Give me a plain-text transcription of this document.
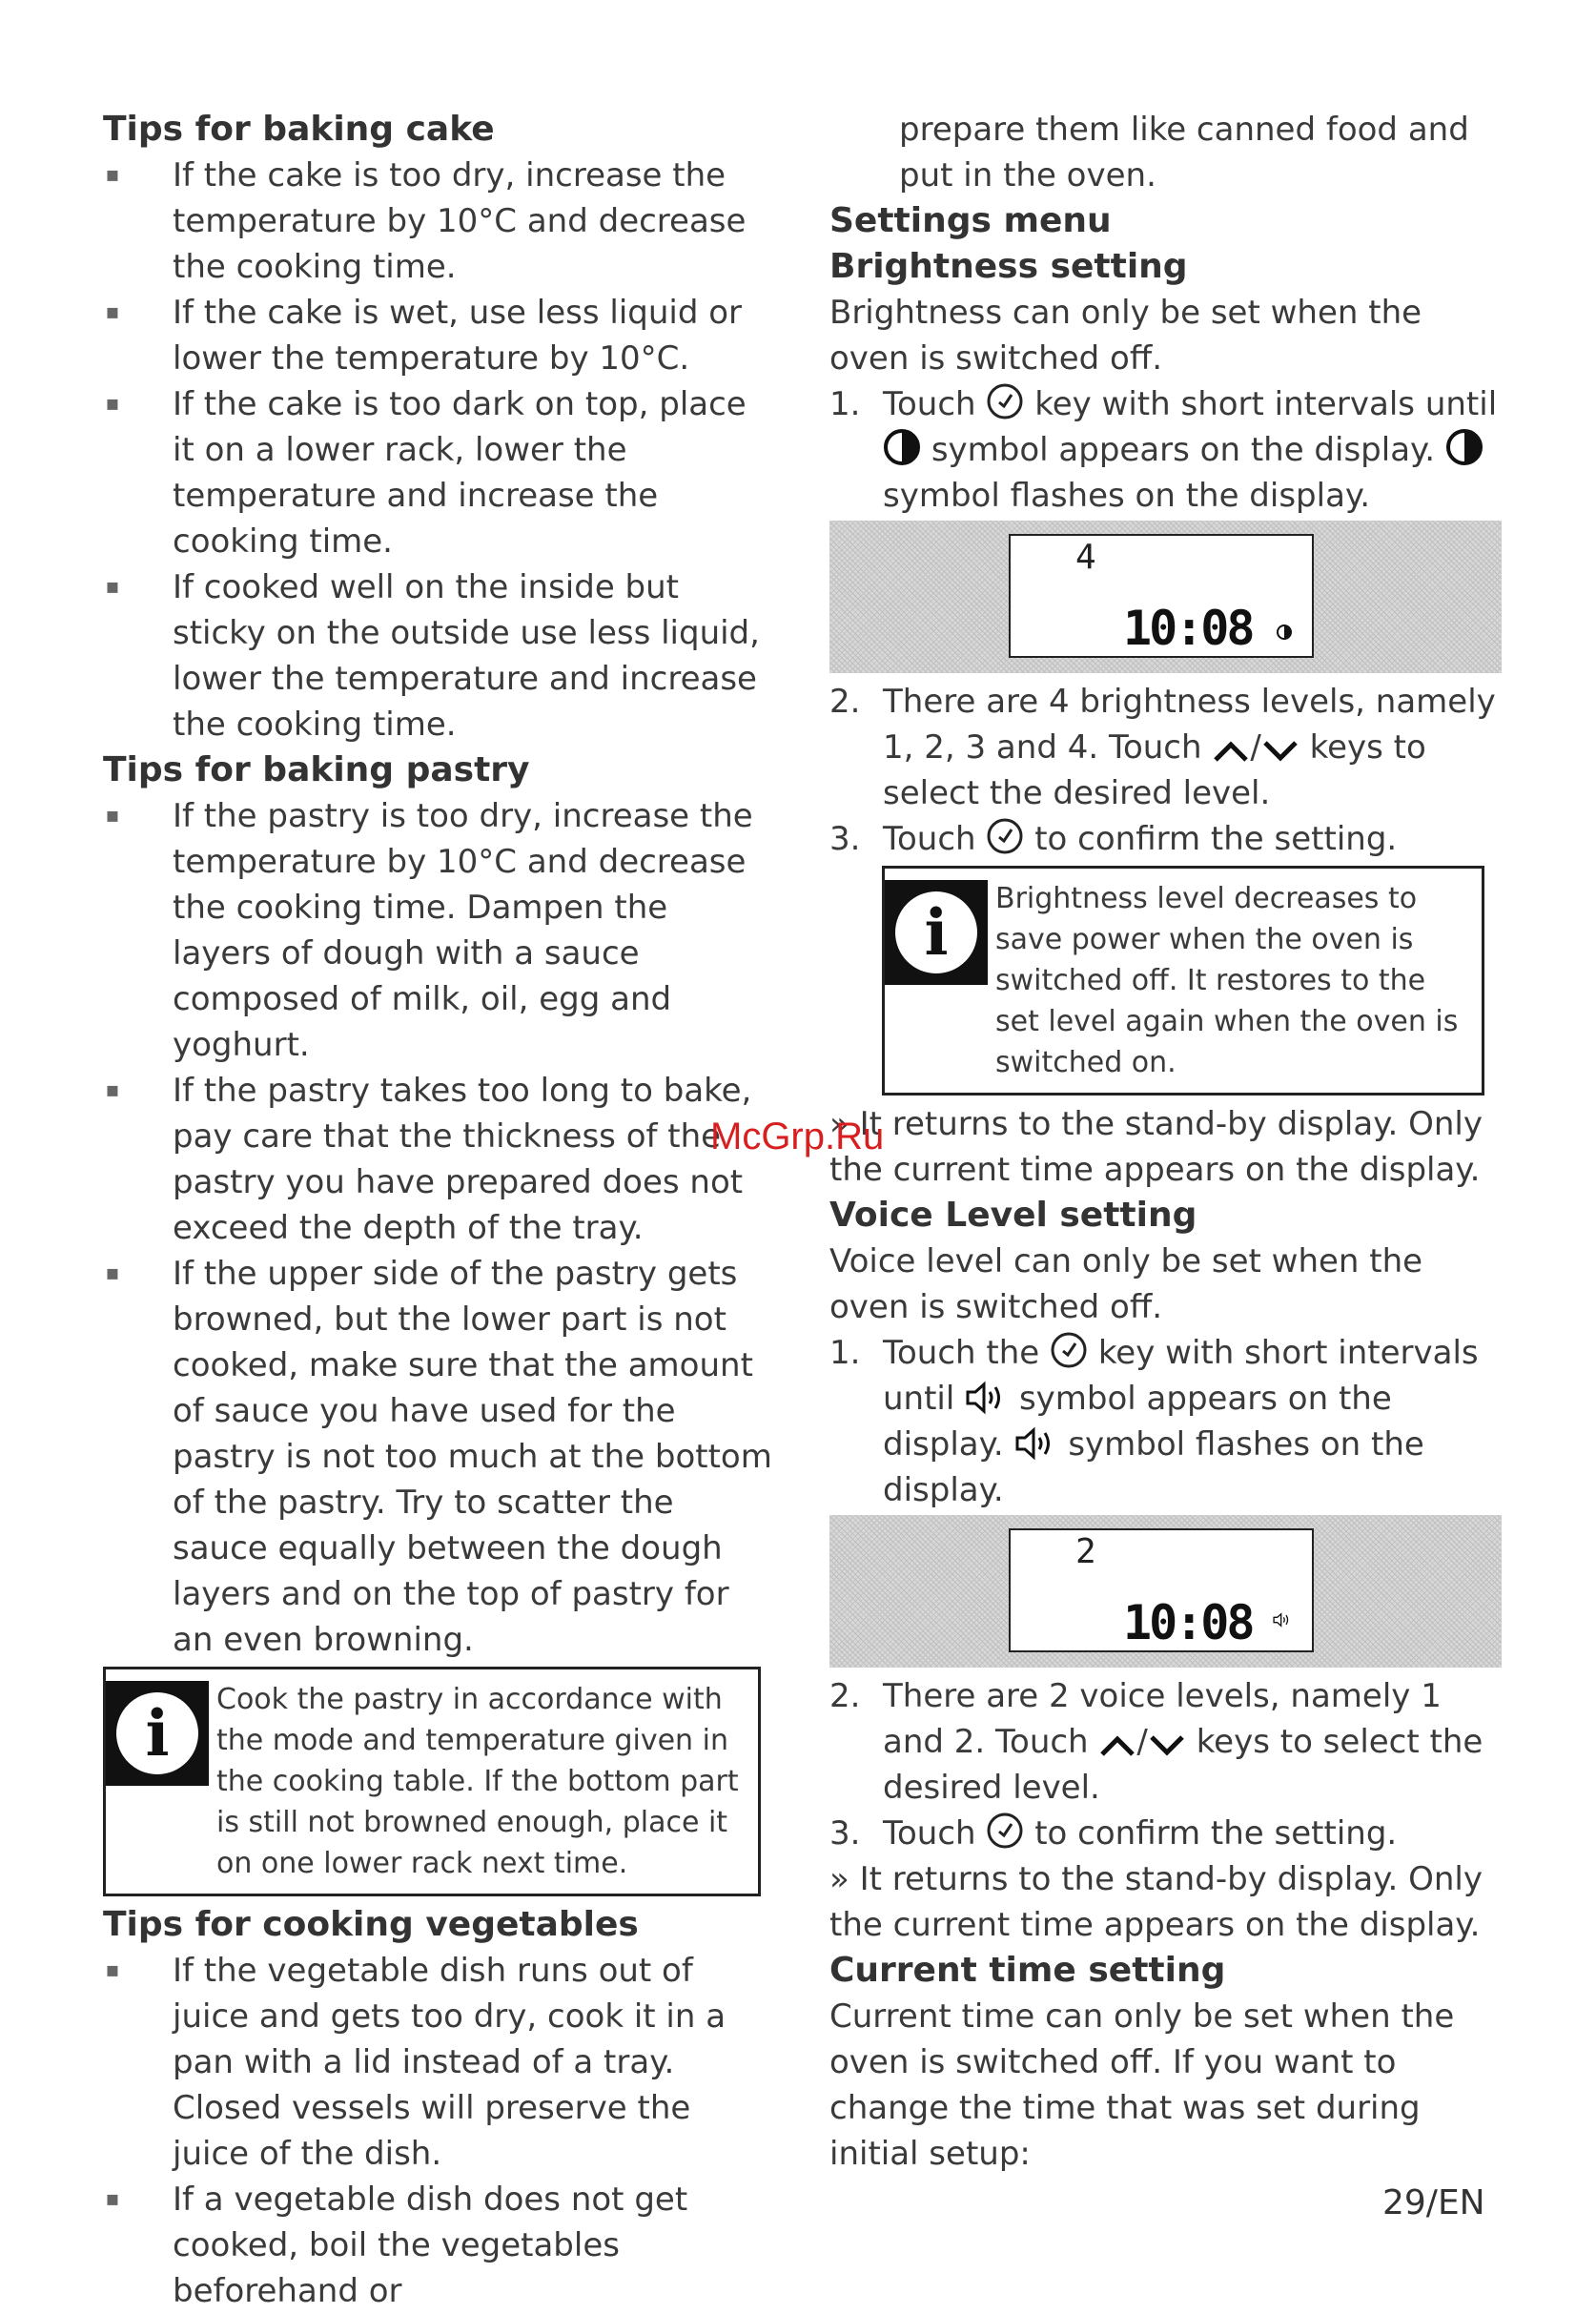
Tips for baking cake
▪ If the cake is too dry, increase the temperature by 10°C and decrease the cooking time.
▪ If the cake is wet, use less liquid or lower the temperature by 10°C.
▪ If the cake is too dark on top, place it on a lower rack, lower the temperature and increase the cooking time.
▪ If cooked well on the inside but sticky on the outside use less liquid, lower the temperature and increase the cooking time.
Tips for baking pastry
▪ If the pastry is too dry, increase the temperature by 10°C and decrease the cooking time. Dampen the layers of dough with a sauce composed of milk, oil, egg and yoghurt.
▪ If the pastry takes too long to bake, pay care that the thickness of the pastry you have prepared does not exceed the depth of the tray.
▪ If the upper side of the pastry gets browned, but the lower part is not cooked, make sure that the amount of sauce you have used for the pastry is not too much at the bottom of the pastry. Try to scatter the sauce equally between the dough layers and on the top of pastry for an even browning.
i	Cook the pastry in accordance with the mode and temperature given in the cooking table. If the bottom part is still not browned enough, place it on one lower rack next time.
Tips for cooking vegetables
▪ If the vegetable dish runs out of juice and gets too dry, cook it in a pan with a lid instead of a tray. Closed vessels will preserve the juice of the dish.
▪ If a vegetable dish does not get cooked, boil the vegetables beforehand or
prepare them like canned food and put in the oven.
Settings menu
Brightness setting

Brightness can only be set when the oven is switched off.

1. Touch key with short intervals until  symbol appears on the display.  symbol flashes on the display.
4
10:08
2. There are 4 brightness levels, namely 1, 2, 3 and 4. Touch / keys to select the desired level.
3. Touch to confirm the setting.
i	Brightness level decreases to save power when the oven is switched off. It restores to the set level again when the oven is switched on.

» It returns to the stand-by display. Only the current time appears on the display.

Voice Level setting

Voice level can only be set when the oven is switched off.

1. Touch the key with short intervals until symbol appears on the display. symbol flashes on the display.
2
10:08
2. There are 2 voice levels, namely 1 and 2. Touch / keys to select the desired level.
3. Touch to confirm the setting.

» It returns to the stand-by display. Only the current time appears on the display.

Current time setting

Current time can only be set when the oven is switched off. If you want to change the time that was set during initial setup:

McGrp.Ru
29/EN
